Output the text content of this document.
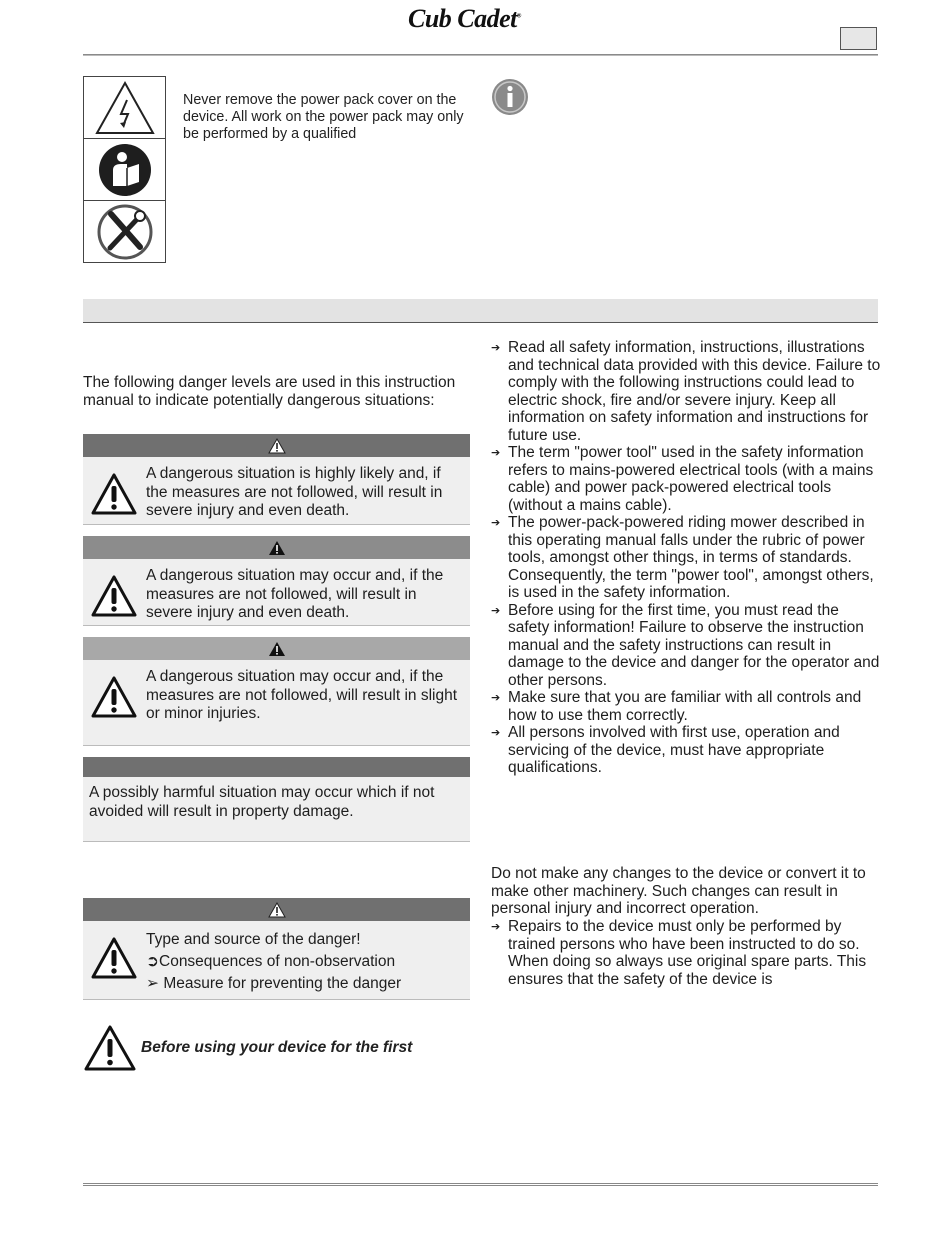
Cub Cadet®
Never remove the power pack cover on the device. All work on the power pack may only be performed by a qualified
The following danger levels are used in this instruction manual to indicate potentially dangerous situations:
A dangerous situation is highly likely and, if the measures are not followed, will result in severe injury and even death.
A dangerous situation may occur and, if the measures are not followed, will result in severe injury and even death.
A dangerous situation may occur and, if the measures are not followed, will result in slight or minor injuries.
A possibly harmful situation may occur which if not avoided will result in property damage.
Type and source of the danger!
➲Consequences of non-observation
➢ Measure for preventing the danger
Before using your device for the first
➔ Read all safety information, instructions, illustrations and technical data provided with this device. Failure to comply with the following instructions could lead to electric shock, fire and/or severe injury. Keep all information on safety information and instructions for future use.
➔ The term "power tool" used in the safety information refers to mains-powered electrical tools (with a mains cable) and power pack-powered electrical tools (without a mains cable).
➔ The power-pack-powered riding mower described in this operating manual falls under the rubric of power tools, amongst other things, in terms of standards. Consequently, the term "power tool", amongst others, is used in the safety information.
➔ Before using for the first time, you must read the safety information! Failure to observe the instruction manual and the safety instructions can result in damage to the device and danger for the operator and other persons.
➔ Make sure that you are familiar with all controls and how to use them correctly.
➔ All persons involved with first use, operation and servicing of the device, must have appropriate qualifications.
Do not make any changes to the device or convert it to make other machinery. Such changes can result in personal injury and incorrect operation.
➔ Repairs to the device must only be performed by trained persons who have been instructed to do so. When doing so always use original spare parts. This ensures that the safety of the device is
